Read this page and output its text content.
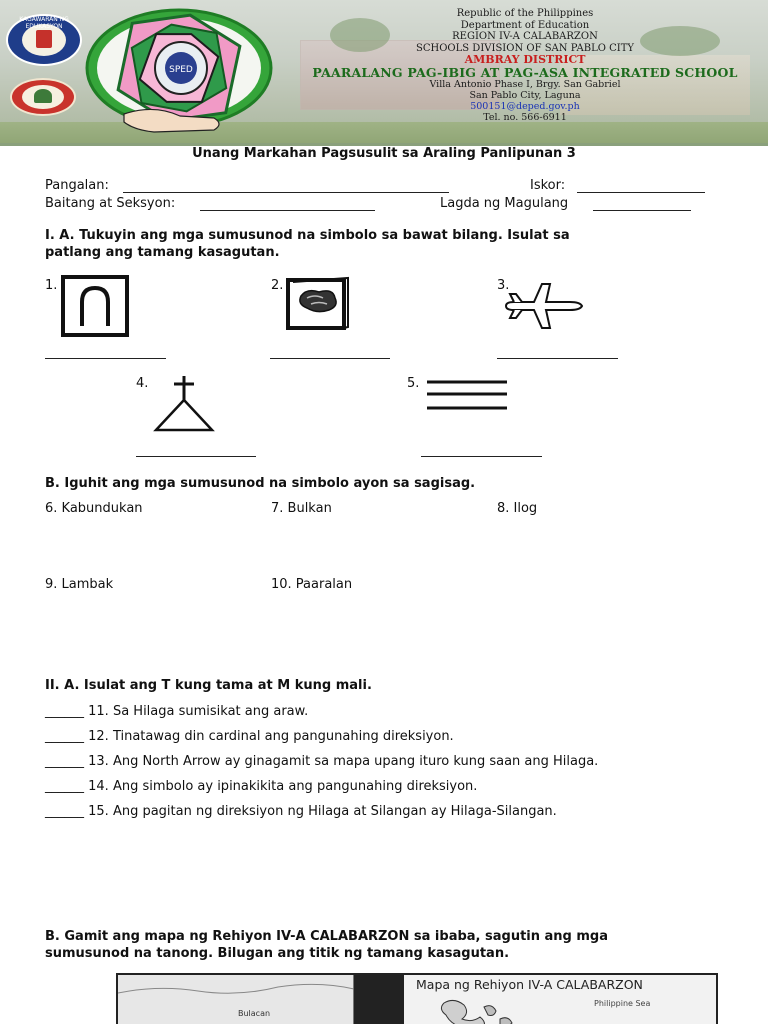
KAGAWARAN NG EDUKASYON
SPED
Republic of the Philippines
Department of Education
REGION IV-A CALABARZON
SCHOOLS DIVISION OF SAN PABLO CITY
AMBRAY DISTRICT
PAARALANG PAG-IBIG AT PAG-ASA INTEGRATED SCHOOL
Villa Antonio Phase I, Brgy. San Gabriel
San Pablo City, Laguna
500151@deped.gov.ph
Tel. no. 566-6911
Unang Markahan Pagsusulit sa Araling Panlipunan 3
Pangalan:	Iskor:
Baitang at Seksyon:	Lagda ng Magulang
I. A. Tukuyin ang mga sumusunod na simbolo sa bawat bilang. Isulat sa
patlang ang tamang kasagutan.
1.	2.	3.
4.	5.
B. Iguhit ang mga sumusunod na simbolo ayon sa sagisag.
6. Kabundukan	7. Bulkan	8. Ilog
9. Lambak	10. Paaralan
II. A. Isulat ang T kung tama at M kung mali.
______ 11. Sa Hilaga sumisikat ang araw.
______ 12. Tinatawag din cardinal ang pangunahing direksiyon.
______ 13. Ang North Arrow ay ginagamit sa mapa upang ituro kung saan ang Hilaga.
______ 14. Ang simbolo ay ipinakikita ang pangunahing direksiyon.
______ 15. Ang pagitan ng direksiyon ng Hilaga at Silangan ay Hilaga-Silangan.
B. Gamit ang mapa ng Rehiyon IV-A CALABARZON sa ibaba, sagutin ang mga
sumusunod na tanong. Bilugan ang titik ng tamang kasagutan.
Bulacan
Mapa ng Rehiyon IV-A CALABARZON
Philippine Sea
